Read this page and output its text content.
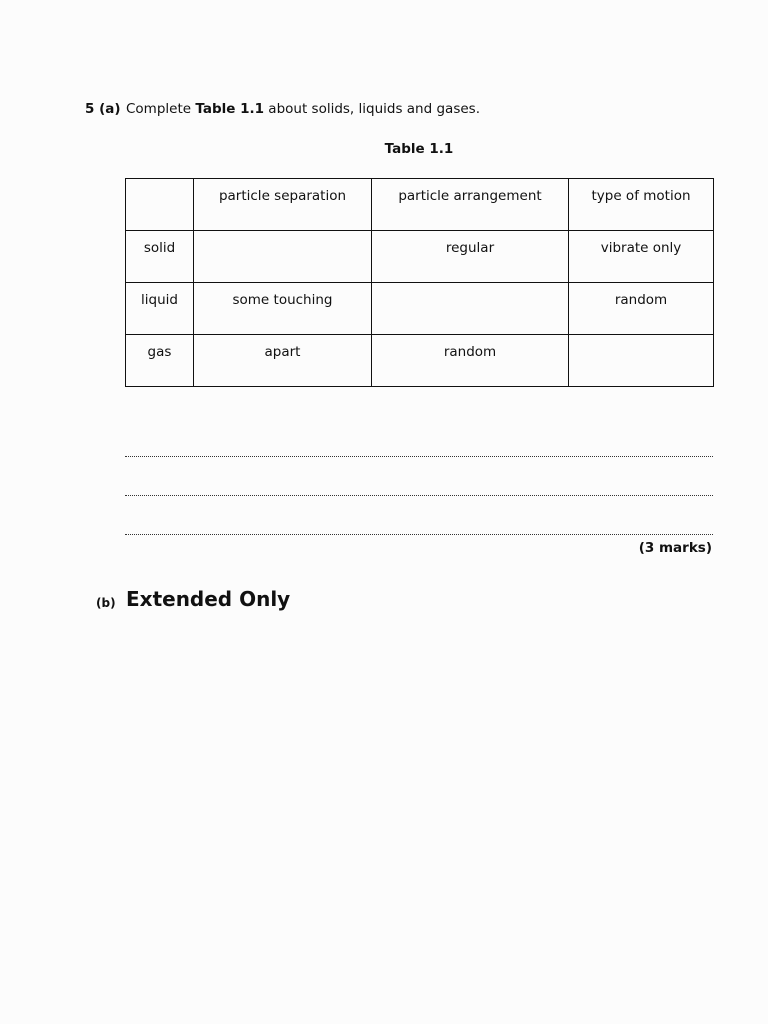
5 (a) Complete Table 1.1 about solids, liquids and gases.
Table 1.1
	particle separation	particle arrangement	type of motion
solid		regular	vibrate only
liquid	some touching		random
gas	apart	random	
(3 marks)
(b) Extended Only
